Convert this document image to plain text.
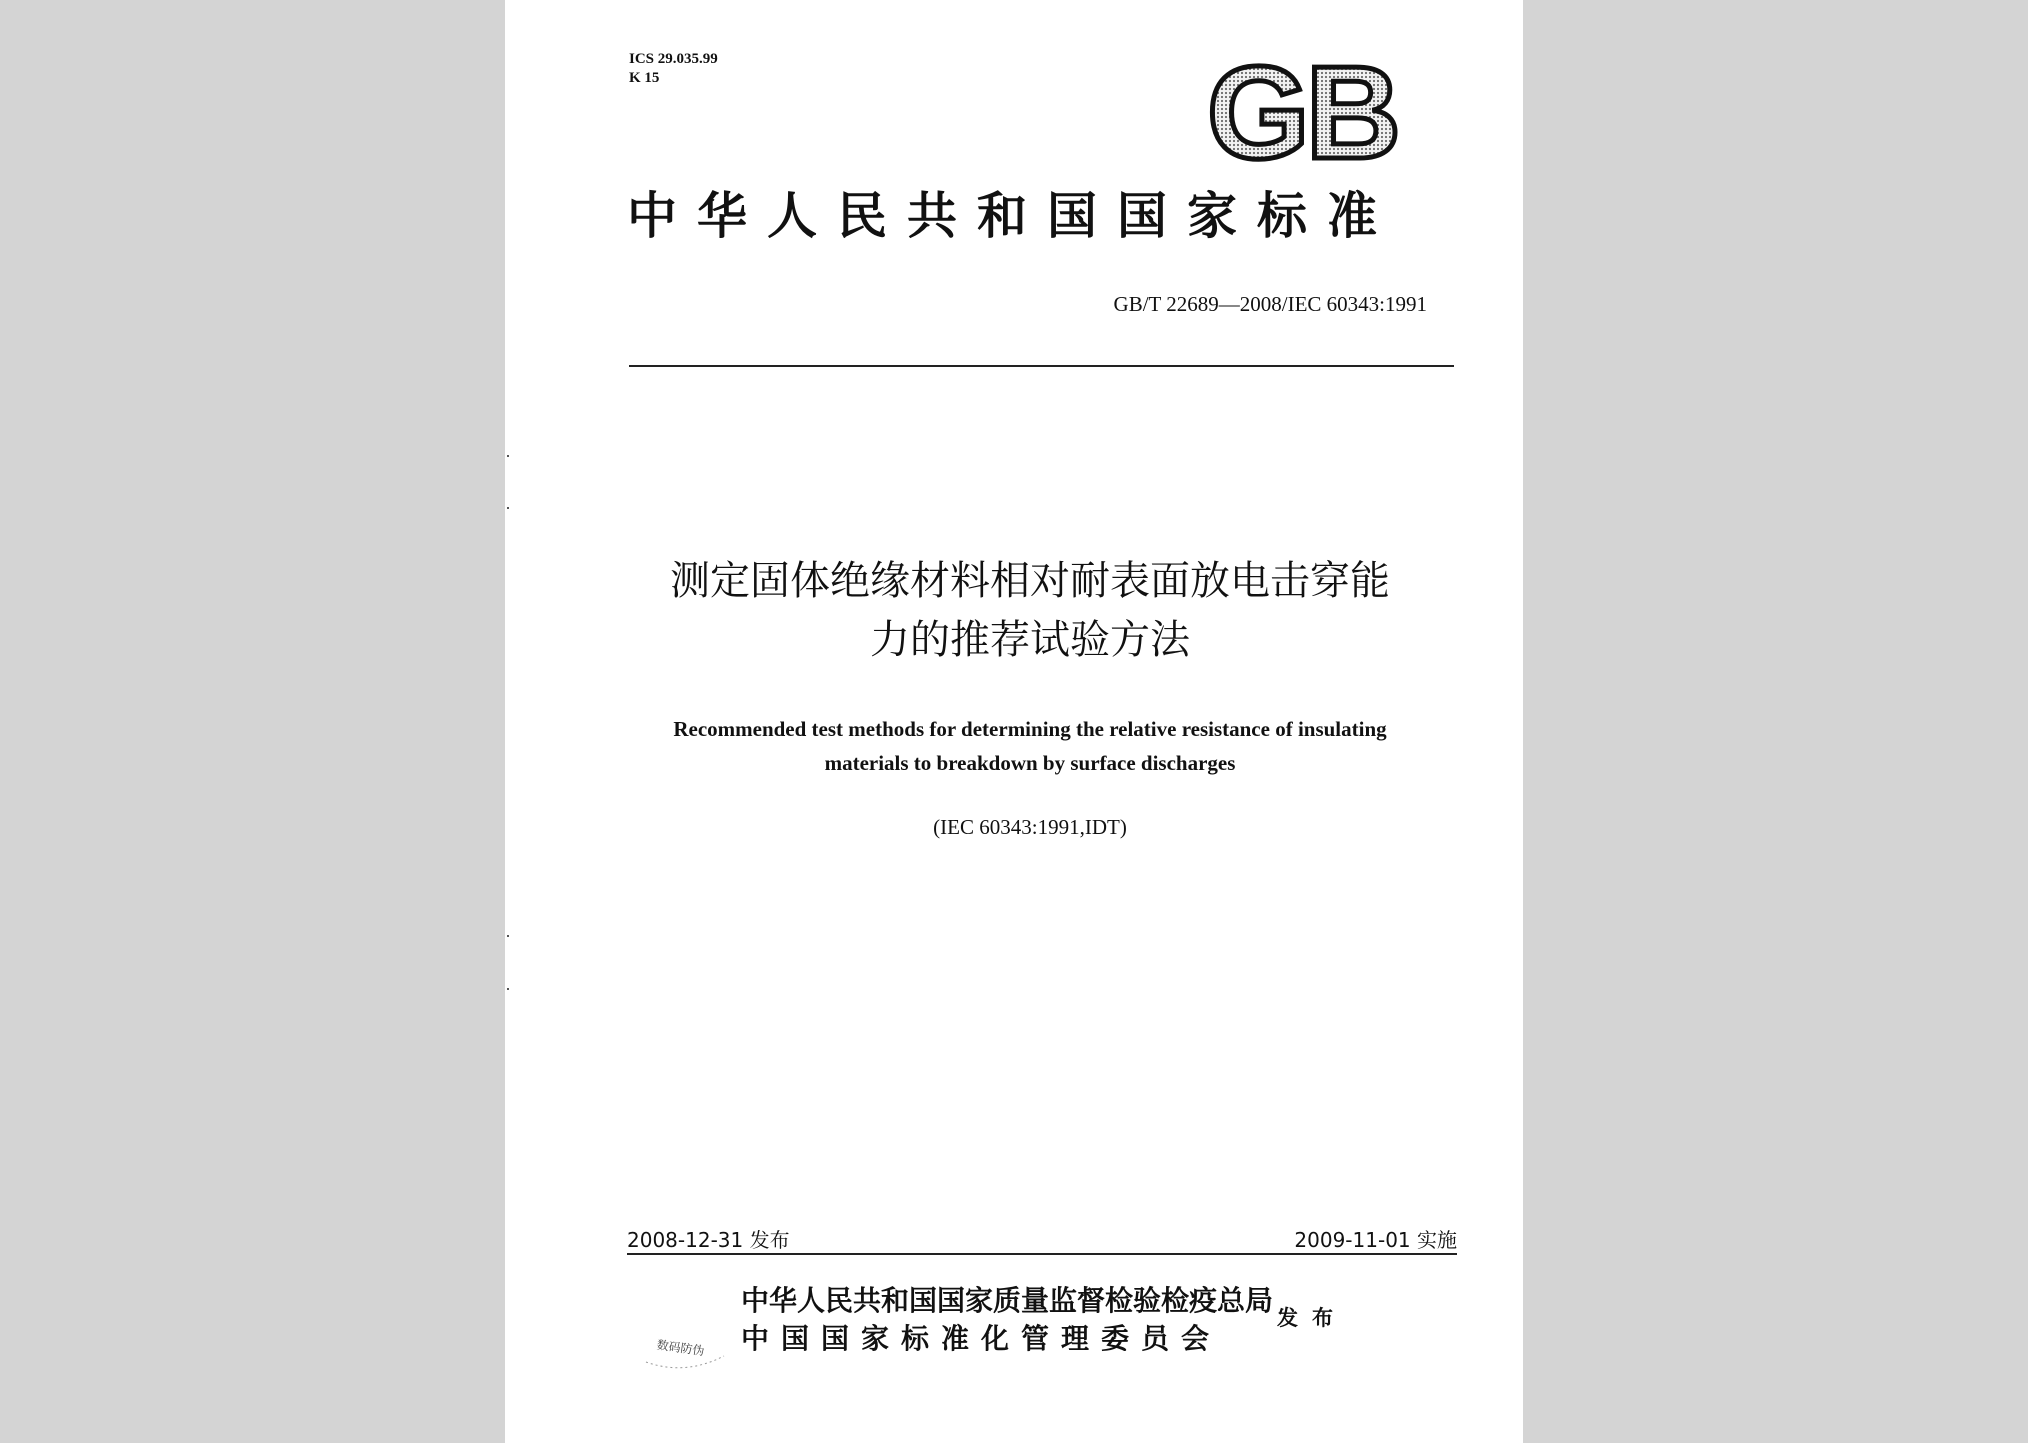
ICS 29.035.99
K 15	GB
中华人民共和国国家标准
GB/T 22689—2008/IEC 60343:1991
测定固体绝缘材料相对耐表面放电击穿能
力的推荐试验方法
Recommended test methods for determining the relative resistance of insulating
materials to breakdown by surface discharges
(IEC 60343:1991,IDT)
2008-12-31 发布	2009-11-01 实施
数码防伪
中华人民共和国国家质量监督检验检疫总局
中国国家标准化管理委员会
发布
